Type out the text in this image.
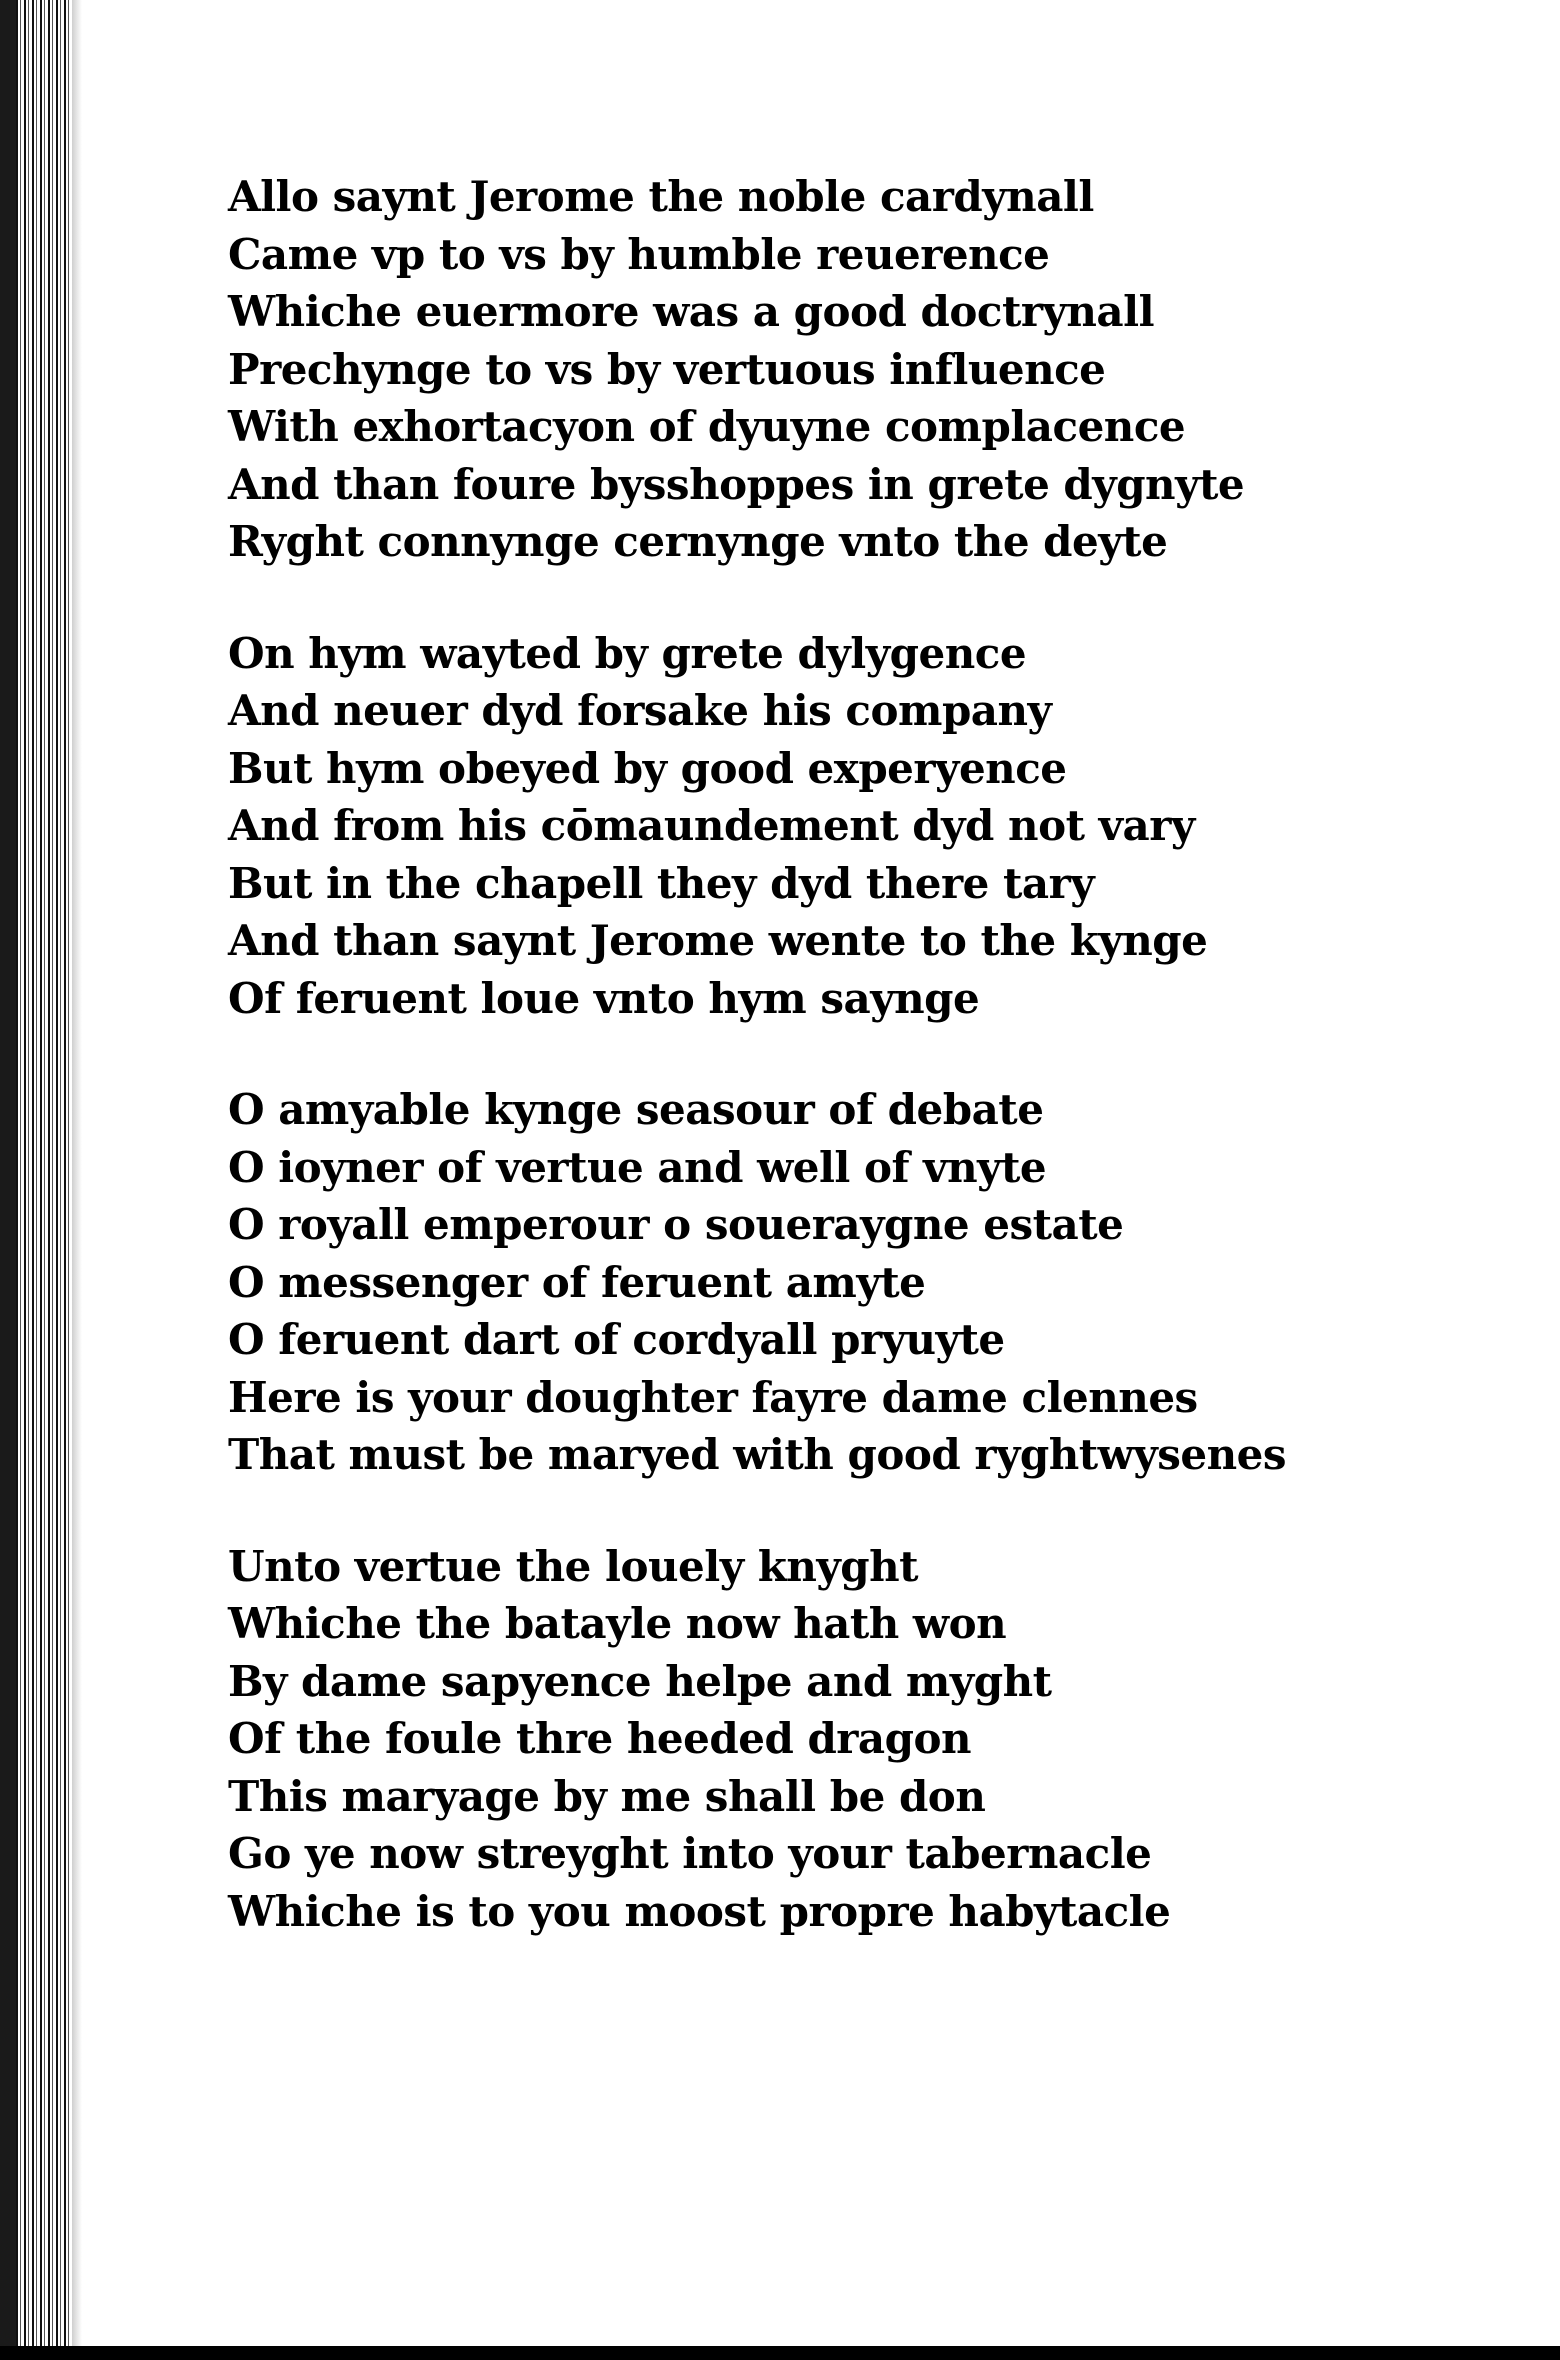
Allo saynt Jerome the noble cardynall
Came vp to vs by humble reuerence
Whiche euermore was a good doctrynall
Prechynge to vs by vertuous influence
With exhortacyon of dyuyne complacence
And than foure bysshoppes in grete dygnyte
Ryght connynge cernynge vnto the deyte
On hym wayted by grete dylygence
And neuer dyd forsake his company
But hym obeyed by good experyence
And from his cōmaundement dyd not vary
But in the chapell they dyd there tary
And than saynt Jerome wente to the kynge
Of feruent loue vnto hym saynge
O amyable kynge seasour of debate
O ioyner of vertue and well of vnyte
O royall emperour o soueraygne estate
O messenger of feruent amyte
O feruent dart of cordyall pryuyte
Here is your doughter fayre dame clennes
That must be maryed with good ryghtwysenes
Unto vertue the louely knyght
Whiche the batayle now hath won
By dame sapyence helpe and myght
Of the foule thre heeded dragon
This maryage by me shall be don
Go ye now streyght into your tabernacle
Whiche is to you moost propre habytacle
